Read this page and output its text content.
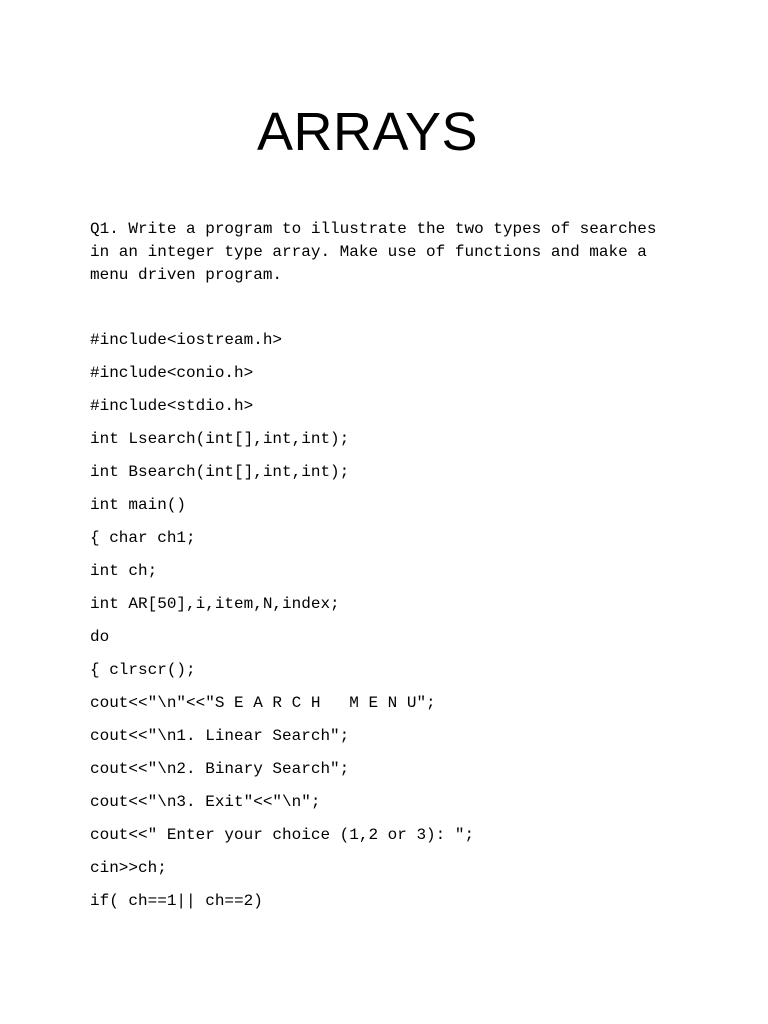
ARRAYS

Q1. Write a program to illustrate the two types of searches
in an integer type array. Make use of functions and make a
menu driven program.

#include<iostream.h>
#include<conio.h>
#include<stdio.h>
int Lsearch(int[],int,int);
int Bsearch(int[],int,int);
int main()
{ char ch1;
int ch;
int AR[50],i,item,N,index;
do
{ clrscr();
cout<<"\n"<<"S E A R C H   M E N U";
cout<<"\n1. Linear Search";
cout<<"\n2. Binary Search";
cout<<"\n3. Exit"<<"\n";
cout<<" Enter your choice (1,2 or 3): ";
cin>>ch;
if( ch==1|| ch==2)
